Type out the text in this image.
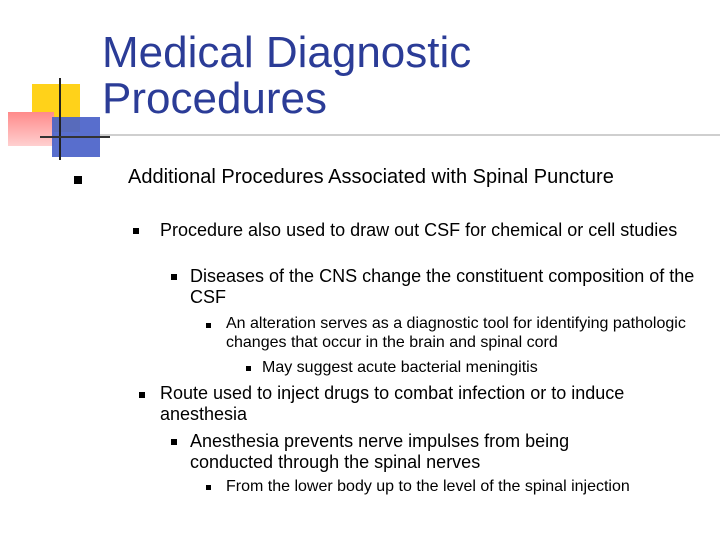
Medical Diagnostic
Procedures
Additional Procedures Associated with Spinal Puncture
Procedure also used to draw out CSF for chemical or cell studies
Diseases of the CNS change the constituent composition of the CSF
An alteration serves as a diagnostic tool for identifying pathologic changes that occur in the brain and spinal cord
May suggest acute bacterial meningitis
Route used to inject drugs to combat infection or to induce anesthesia
Anesthesia prevents nerve impulses from being conducted through the spinal nerves
From the lower body up to the level of the spinal injection
